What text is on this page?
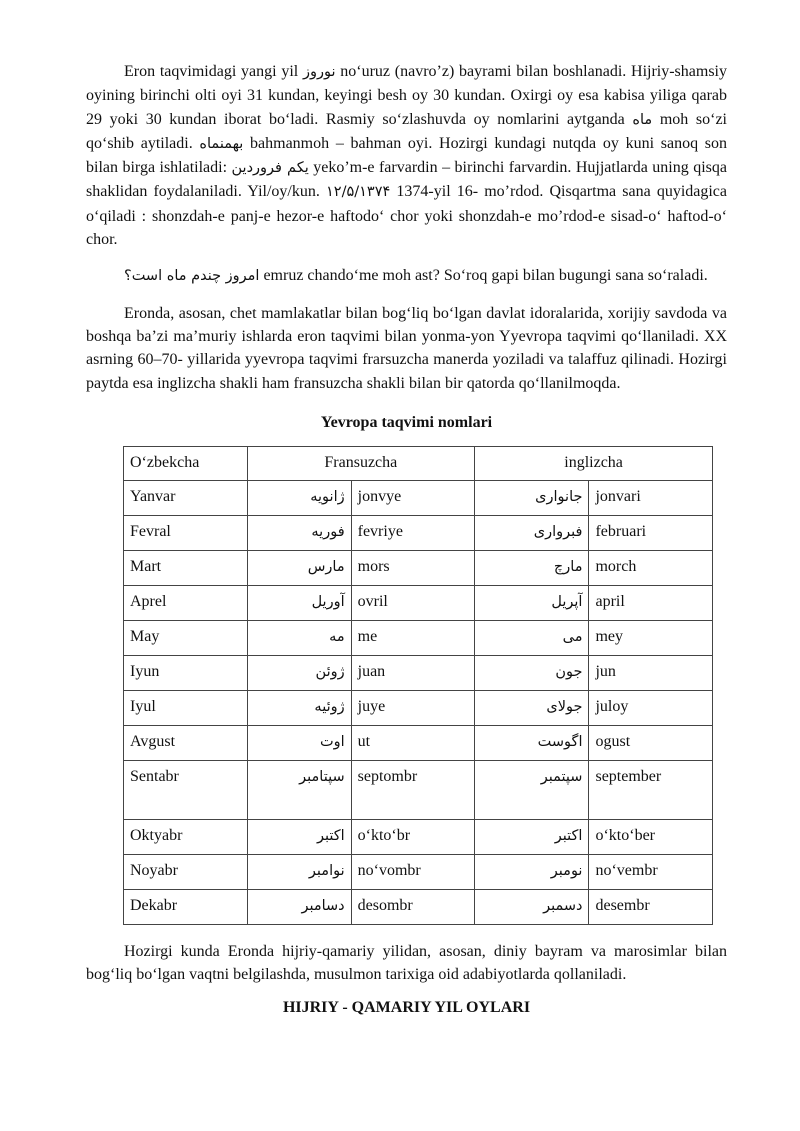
Eron taqvimidagi yangi yil نوروز no‘uruz (navro’z) bayrami bilan boshlanadi. Hijriy-shamsiy oyining birinchi olti oyi 31 kundan, keyingi besh oy 30 kundan. Oxirgi oy esa kabisa yiliga qarab 29 yoki 30 kundan iborat bo‘ladi. Rasmiy so‘zlashuvda oy nomlarini aytganda ماه moh so‘zi qo‘shib aytiladi. بهمنماه bahmanmoh – bahman oyi. Hozirgi kundagi nutqda oy kuni sanoq son bilan birga ishlatiladi: یکم فروردین yeko’m-e farvardin – birinchi farvardin. Hujjatlarda uning qisqa shaklidan foydalaniladi. Yil/oy/kun. ۱۲/۵/۱۳۷۴ 1374-yil 16- mo’rdod. Qisqartma sana quyidagica o‘qiladi : shonzdah-e panj-e hezor-e haftodo‘ chor yoki shonzdah-e mo’rdod-e sisad-o‘ haftod-o‘ chor.

امروز چندم ماه است؟ emruz chando‘me moh ast? So‘roq gapi bilan bugungi sana so‘raladi.

Eronda, asosan, chet mamlakatlar bilan bog‘liq bo‘lgan davlat idoralarida, xorijiy savdoda va boshqa ba’zi ma’muriy ishlarda eron taqvimi bilan yonma-yon Yyevropa taqvimi qo‘llaniladi. XX asrning 60–70- yillarida yyevropa taqvimi frarsuzcha manerda yoziladi va talaffuz qilinadi. Hozirgi paytda esa inglizcha shakli ham fransuzcha shakli bilan bir qatorda qo‘llanilmoqda.

Yevropa taqvimi nomlari
O‘zbekcha	Fransuzcha		inglizcha	
Yanvar	ژانویه	jonvye	جانواری	jonvari
Fevral	فوریه	fevriye	فبرواری	februari
Mart	مارس	mors	مارچ	morch
Aprel	آوریل	ovril	آپریل	april
May	مه	me	می	mey
Iyun	ژوئن	juan	جون	jun
Iyul	ژوئیه	juye	جولای	juloy
Avgust	اوت	ut	اگوست	ogust
Sentabr	سپتامبر	septombr	سپتمبر	september
Oktyabr	اکتبر	o‘kto‘br	اکتبر	o‘kto‘ber
Noyabr	نوامبر	no‘vombr	نومبر	no‘vembr
Dekabr	دسامبر	desombr	دسمبر	desembr

Hozirgi kunda Eronda hijriy-qamariy yilidan, asosan, diniy bayram va marosimlar bilan bog‘liq bo‘lgan vaqtni belgilashda, musulmon tarixiga oid adabiyotlarda qollaniladi.

HIJRIY - QAMARIY YIL OYLARI
